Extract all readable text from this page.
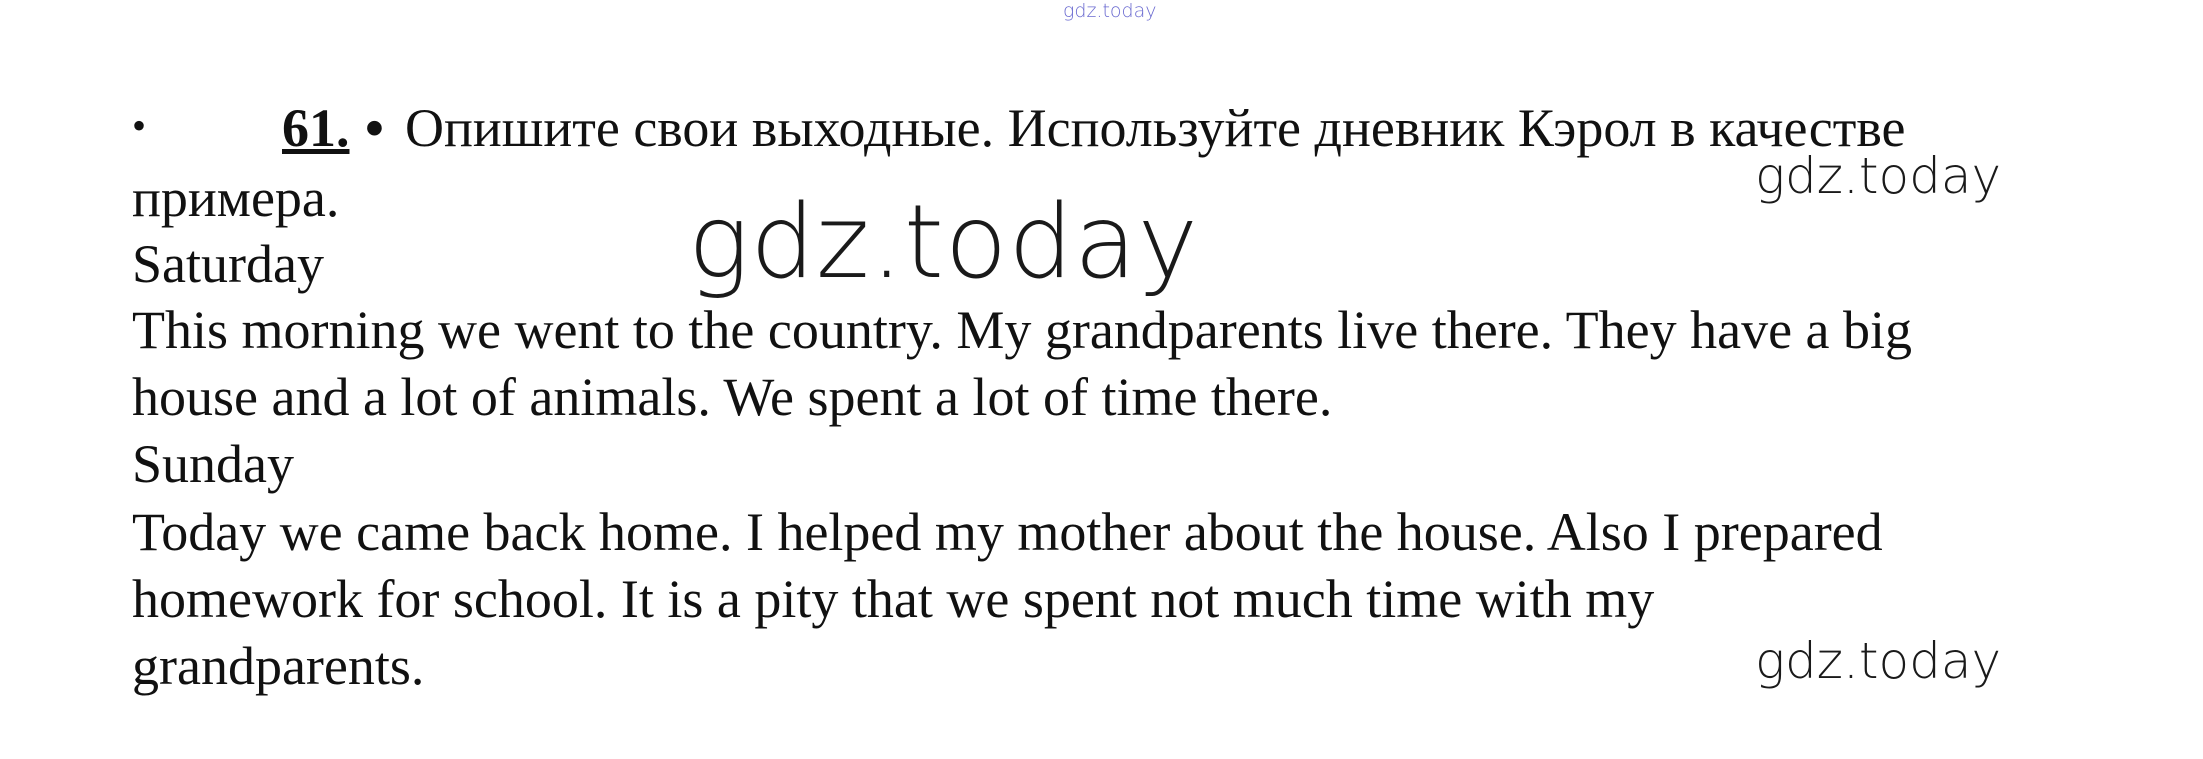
gdz.today
gdz.today
gdz.today
gdz.today
•	61. • Опишите свои выходные. Используйте дневник Кэрол в качестве
примера.
Saturday
This morning we went to the country. My grandparents live there. They have a big
house and a lot of animals. We spent a lot of time there.
Sunday
Today we came back home. I helped my mother about the house. Also I prepared
homework for school. It is a pity that we spent not much time with my
grandparents.
